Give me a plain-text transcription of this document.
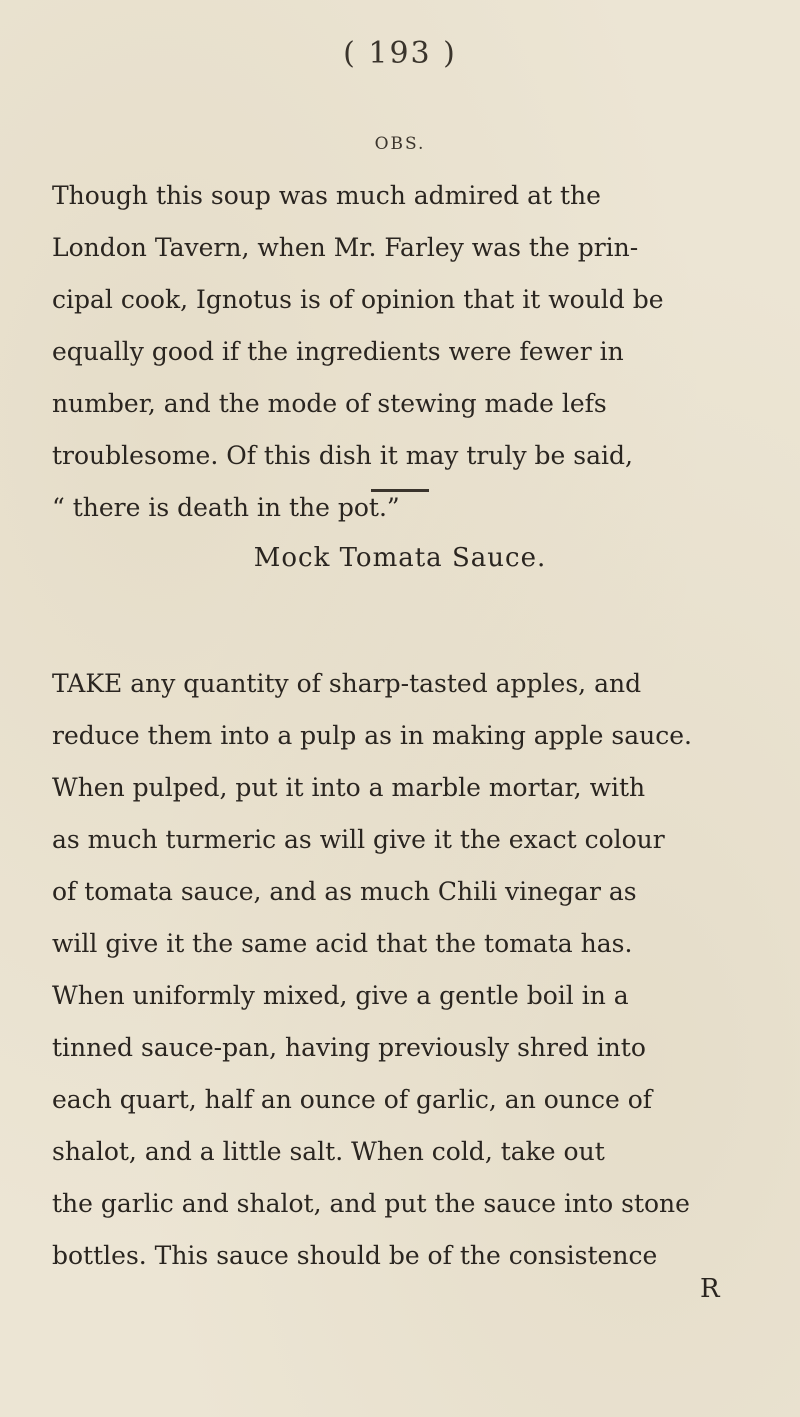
( 193 )
OBS.
Though this soup was much admired at the
London Tavern, when Mr. Farley was the prin-
cipal cook, Ignotus is of opinion that it would be
equally good if the ingredients were fewer in
number, and the mode of stewing made lefs
troublesome. Of this dish it may truly be said,
“ there is death in the pot.”
Mock Tomata Sauce.
TAKE any quantity of sharp-tasted apples, and
reduce them into a pulp as in making apple sauce.
When pulped, put it into a marble mortar, with
as much turmeric as will give it the exact colour
of tomata sauce, and as much Chili vinegar as
will give it the same acid that the tomata has.
When uniformly mixed, give a gentle boil in a
tinned sauce-pan, having previously shred into
each quart, half an ounce of garlic, an ounce of
shalot, and a little salt. When cold, take out
the garlic and shalot, and put the sauce into stone
bottles. This sauce should be of the consistence
R
